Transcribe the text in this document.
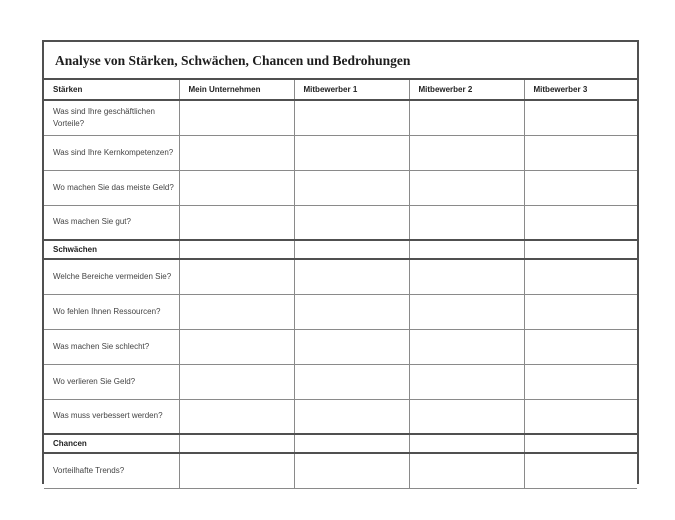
Analyse von Stärken, Schwächen, Chancen und Bedrohungen
Stärken	Mein Unternehmen	Mitbewerber 1	Mitbewerber 2	Mitbewerber 3
Was sind Ihre geschäftlichen Vorteile?				
Was sind Ihre Kernkompetenzen?				
Wo machen Sie das meiste Geld?				
Was machen Sie gut?				
Schwächen				
Welche Bereiche vermeiden Sie?				
Wo fehlen Ihnen Ressourcen?				
Was machen Sie schlecht?				
Wo verlieren Sie Geld?				
Was muss verbessert werden?				
Chancen				
Vorteilhafte Trends?				
